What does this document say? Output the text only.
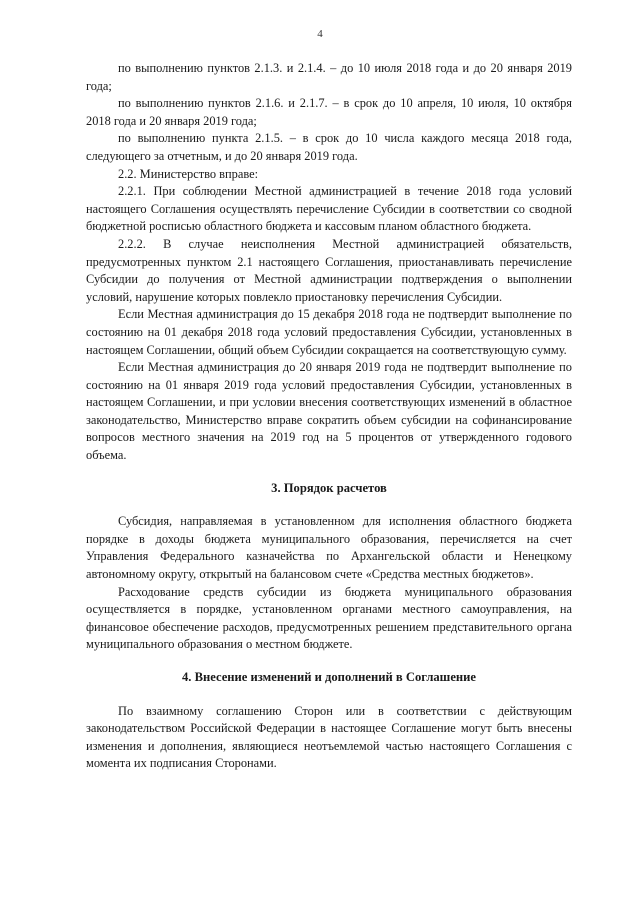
4

по выполнению пунктов 2.1.3. и 2.1.4. – до 10 июля 2018 года и до 20 января 2019 года;

по выполнению пунктов 2.1.6. и 2.1.7. – в срок до 10 апреля, 10 июля, 10 октября 2018 года и 20 января 2019 года;

по выполнению пункта 2.1.5. – в срок до 10 числа каждого месяца 2018 года, следующего за отчетным, и до 20 января 2019 года.

2.2. Министерство вправе:

2.2.1. При соблюдении Местной администрацией в течение 2018 года условий настоящего Соглашения осуществлять перечисление Субсидии в соответствии со сводной бюджетной росписью областного бюджета и кассовым планом областного бюджета.

2.2.2. В случае неисполнения Местной администрацией обязательств, предусмотренных пунктом 2.1 настоящего Соглашения, приостанавливать перечисление Субсидии до получения от Местной администрации подтверждения о выполнении условий, нарушение которых повлекло приостановку перечисления Субсидии.

Если Местная администрация до 15 декабря 2018 года не подтвердит выполнение по состоянию на 01 декабря 2018 года условий предоставления Субсидии, установленных в настоящем Соглашении, общий объем Субсидии сокращается на соответствующую сумму.

Если Местная администрация до 20 января 2019 года не подтвердит выполнение по состоянию на 01 января 2019 года условий предоставления Субсидии, установленных в настоящем Соглашении, и при условии внесения соответствующих изменений в областное законодательство, Министерство вправе сократить объем субсидии на софинансирование вопросов местного значения на 2019 год на 5 процентов от утвержденного годового объема.

3. Порядок расчетов

Субсидия, направляемая в установленном для исполнения областного бюджета порядке в доходы бюджета муниципального образования, перечисляется на счет Управления Федерального казначейства по Архангельской области и Ненецкому автономному округу, открытый на балансовом счете «Средства местных бюджетов».

Расходование средств субсидии из бюджета муниципального образования осуществляется в порядке, установленном органами местного самоуправления, на финансовое обеспечение расходов, предусмотренных решением представительного органа муниципального образования о местном бюджете.

4. Внесение изменений и дополнений в Соглашение

По взаимному соглашению Сторон или в соответствии с действующим законодательством Российской Федерации в настоящее Соглашение могут быть внесены изменения и дополнения, являющиеся неотъемлемой частью настоящего Соглашения с момента их подписания Сторонами.
